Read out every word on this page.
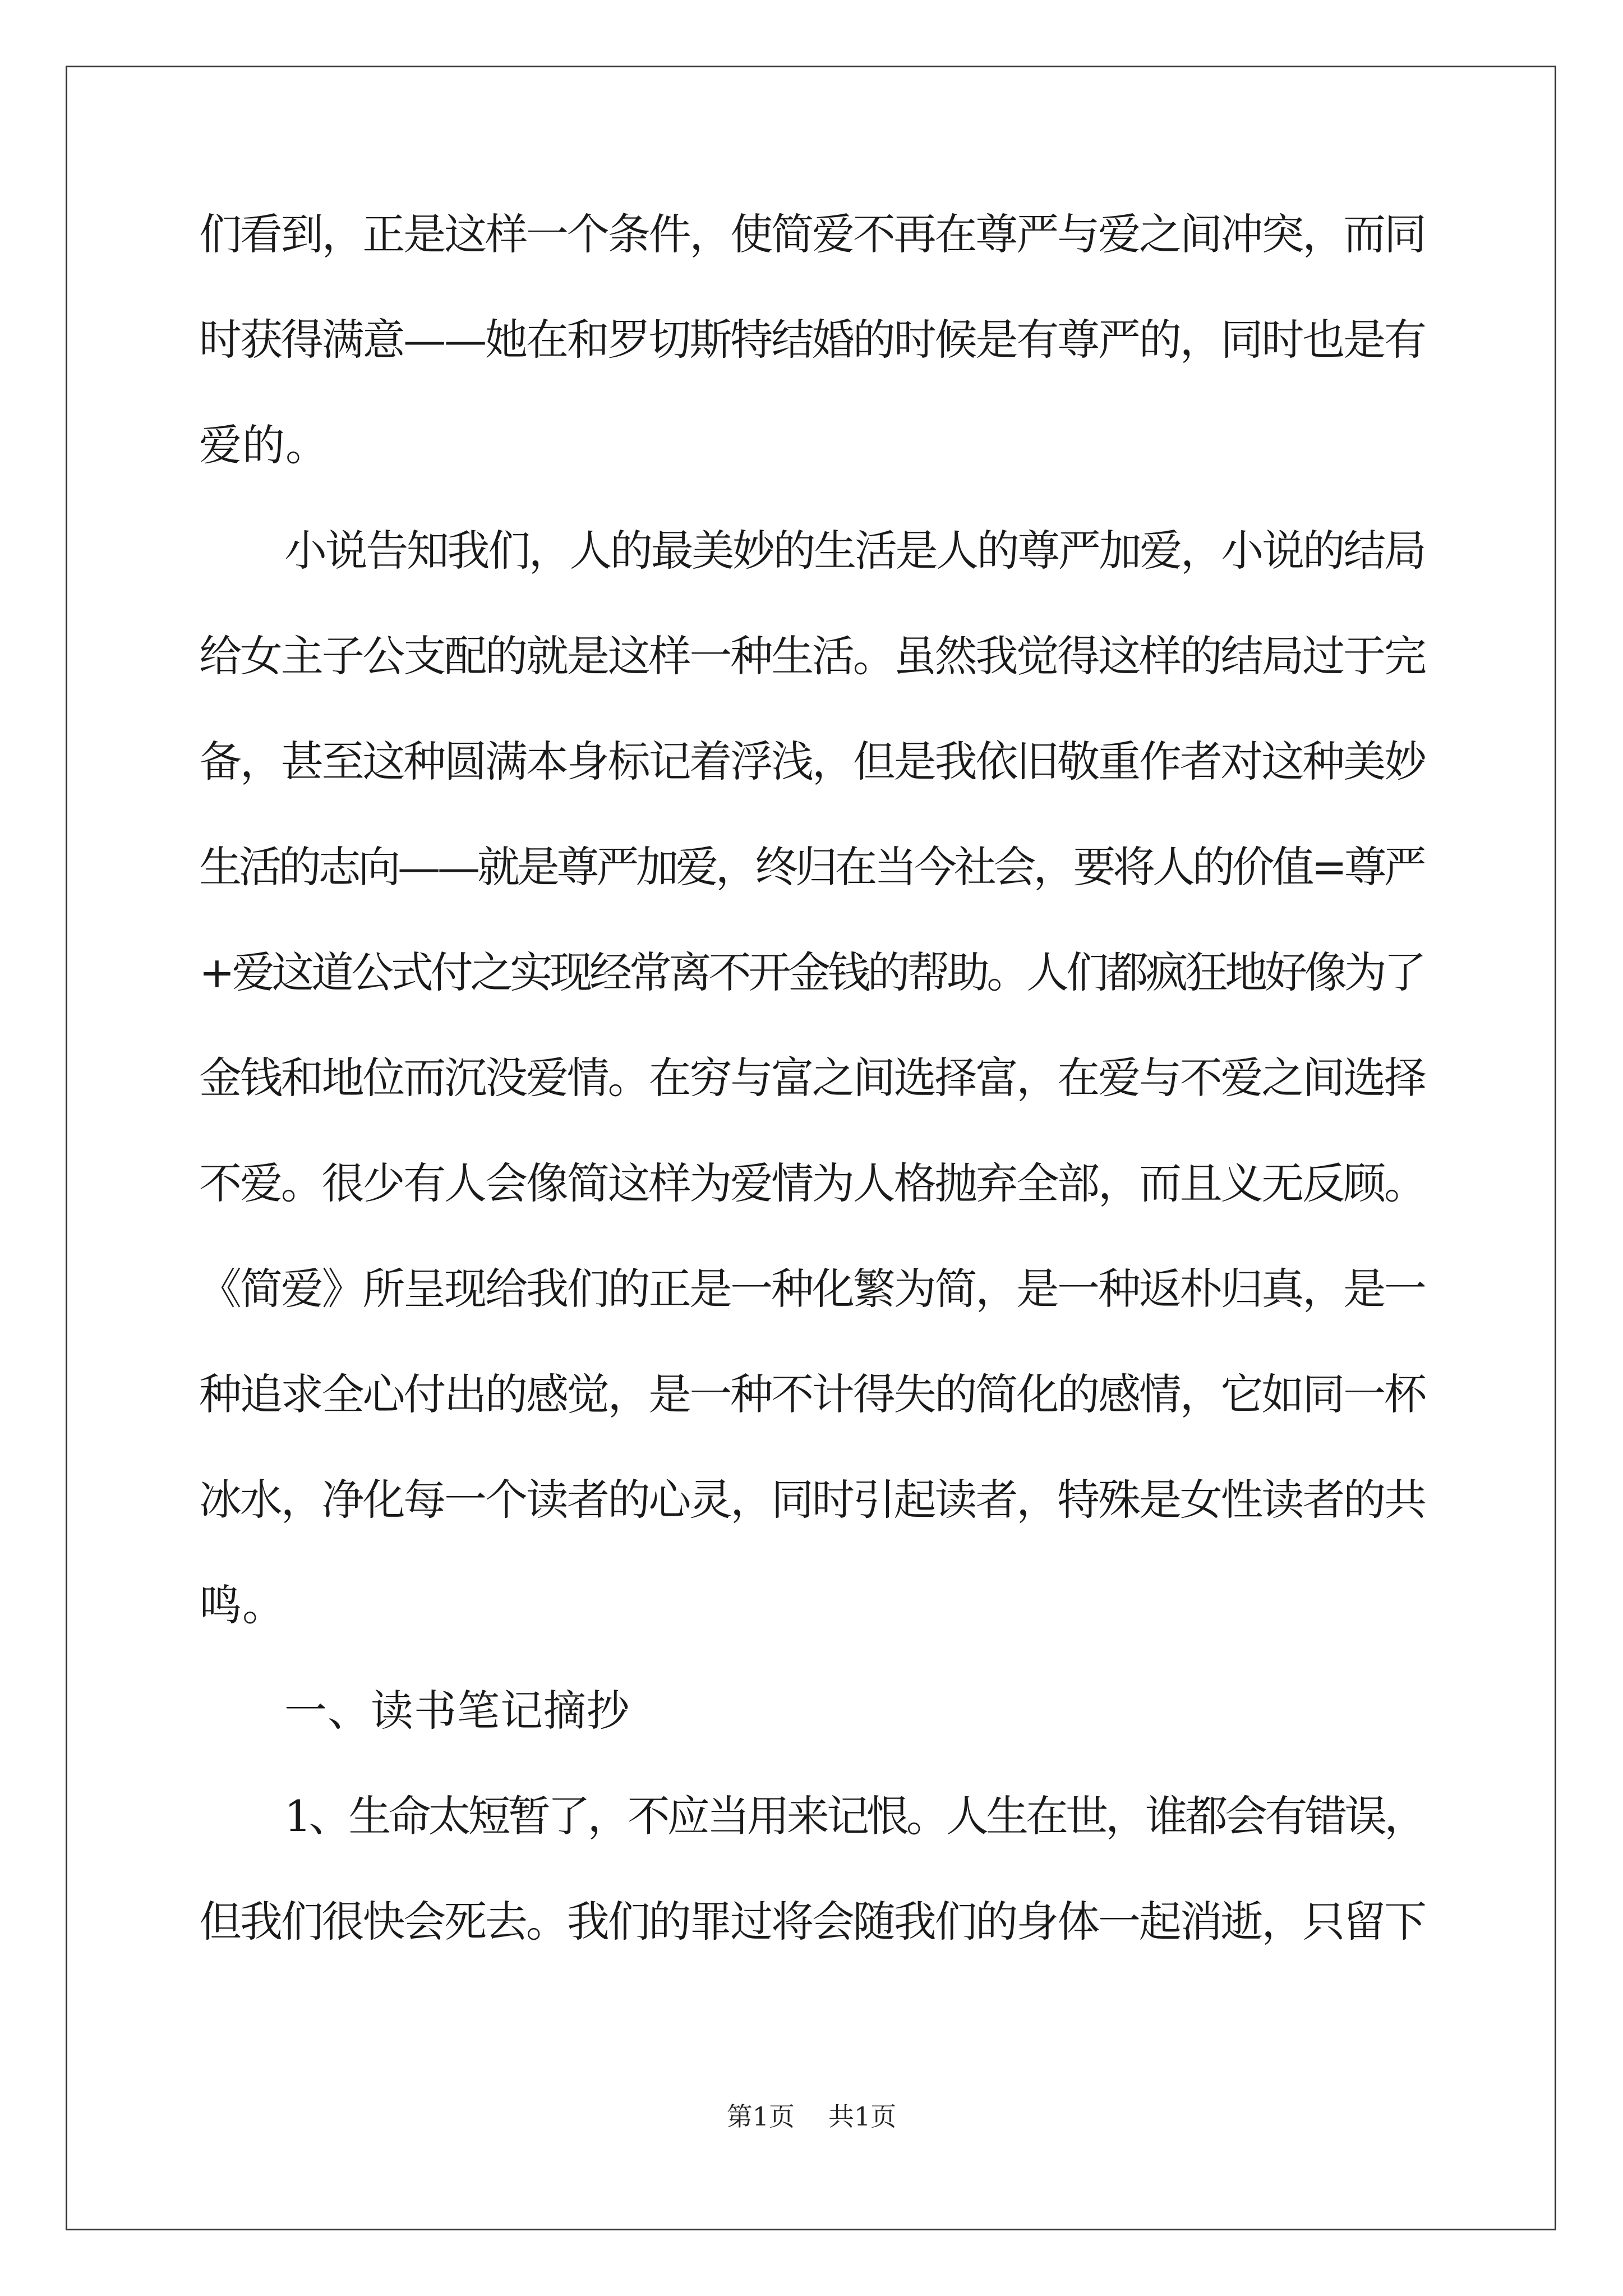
们看到，正是这样一个条件，使简爱不再在尊严与爱之间冲突，而同
时获得满意——她在和罗切斯特结婚的时候是有尊严的，同时也是有
爱的。
小说告知我们，人的最美妙的生活是人的尊严加爱，小说的结局
给女主子公支配的就是这样一种生活。虽然我觉得这样的结局过于完
备，甚至这种圆满本身标记着浮浅，但是我依旧敬重作者对这种美妙
生活的志向——就是尊严加爱，终归在当今社会，要将人的价值=尊严
+爱这道公式付之实现经常离不开金钱的帮助。人们都疯狂地好像为了
金钱和地位而沉没爱情。在穷与富之间选择富，在爱与不爱之间选择
不爱。很少有人会像简这样为爱情为人格抛弃全部，而且义无反顾。
《简爱》所呈现给我们的正是一种化繁为简，是一种返朴归真，是一
种追求全心付出的感觉，是一种不计得失的简化的感情，它如同一杯
冰水，净化每一个读者的心灵，同时引起读者，特殊是女性读者的共
鸣。
一、读书笔记摘抄
1、生命太短暂了，不应当用来记恨。人生在世，谁都会有错误，
但我们很快会死去。我们的罪过将会随我们的身体一起消逝，只留下
第1页 共1页
